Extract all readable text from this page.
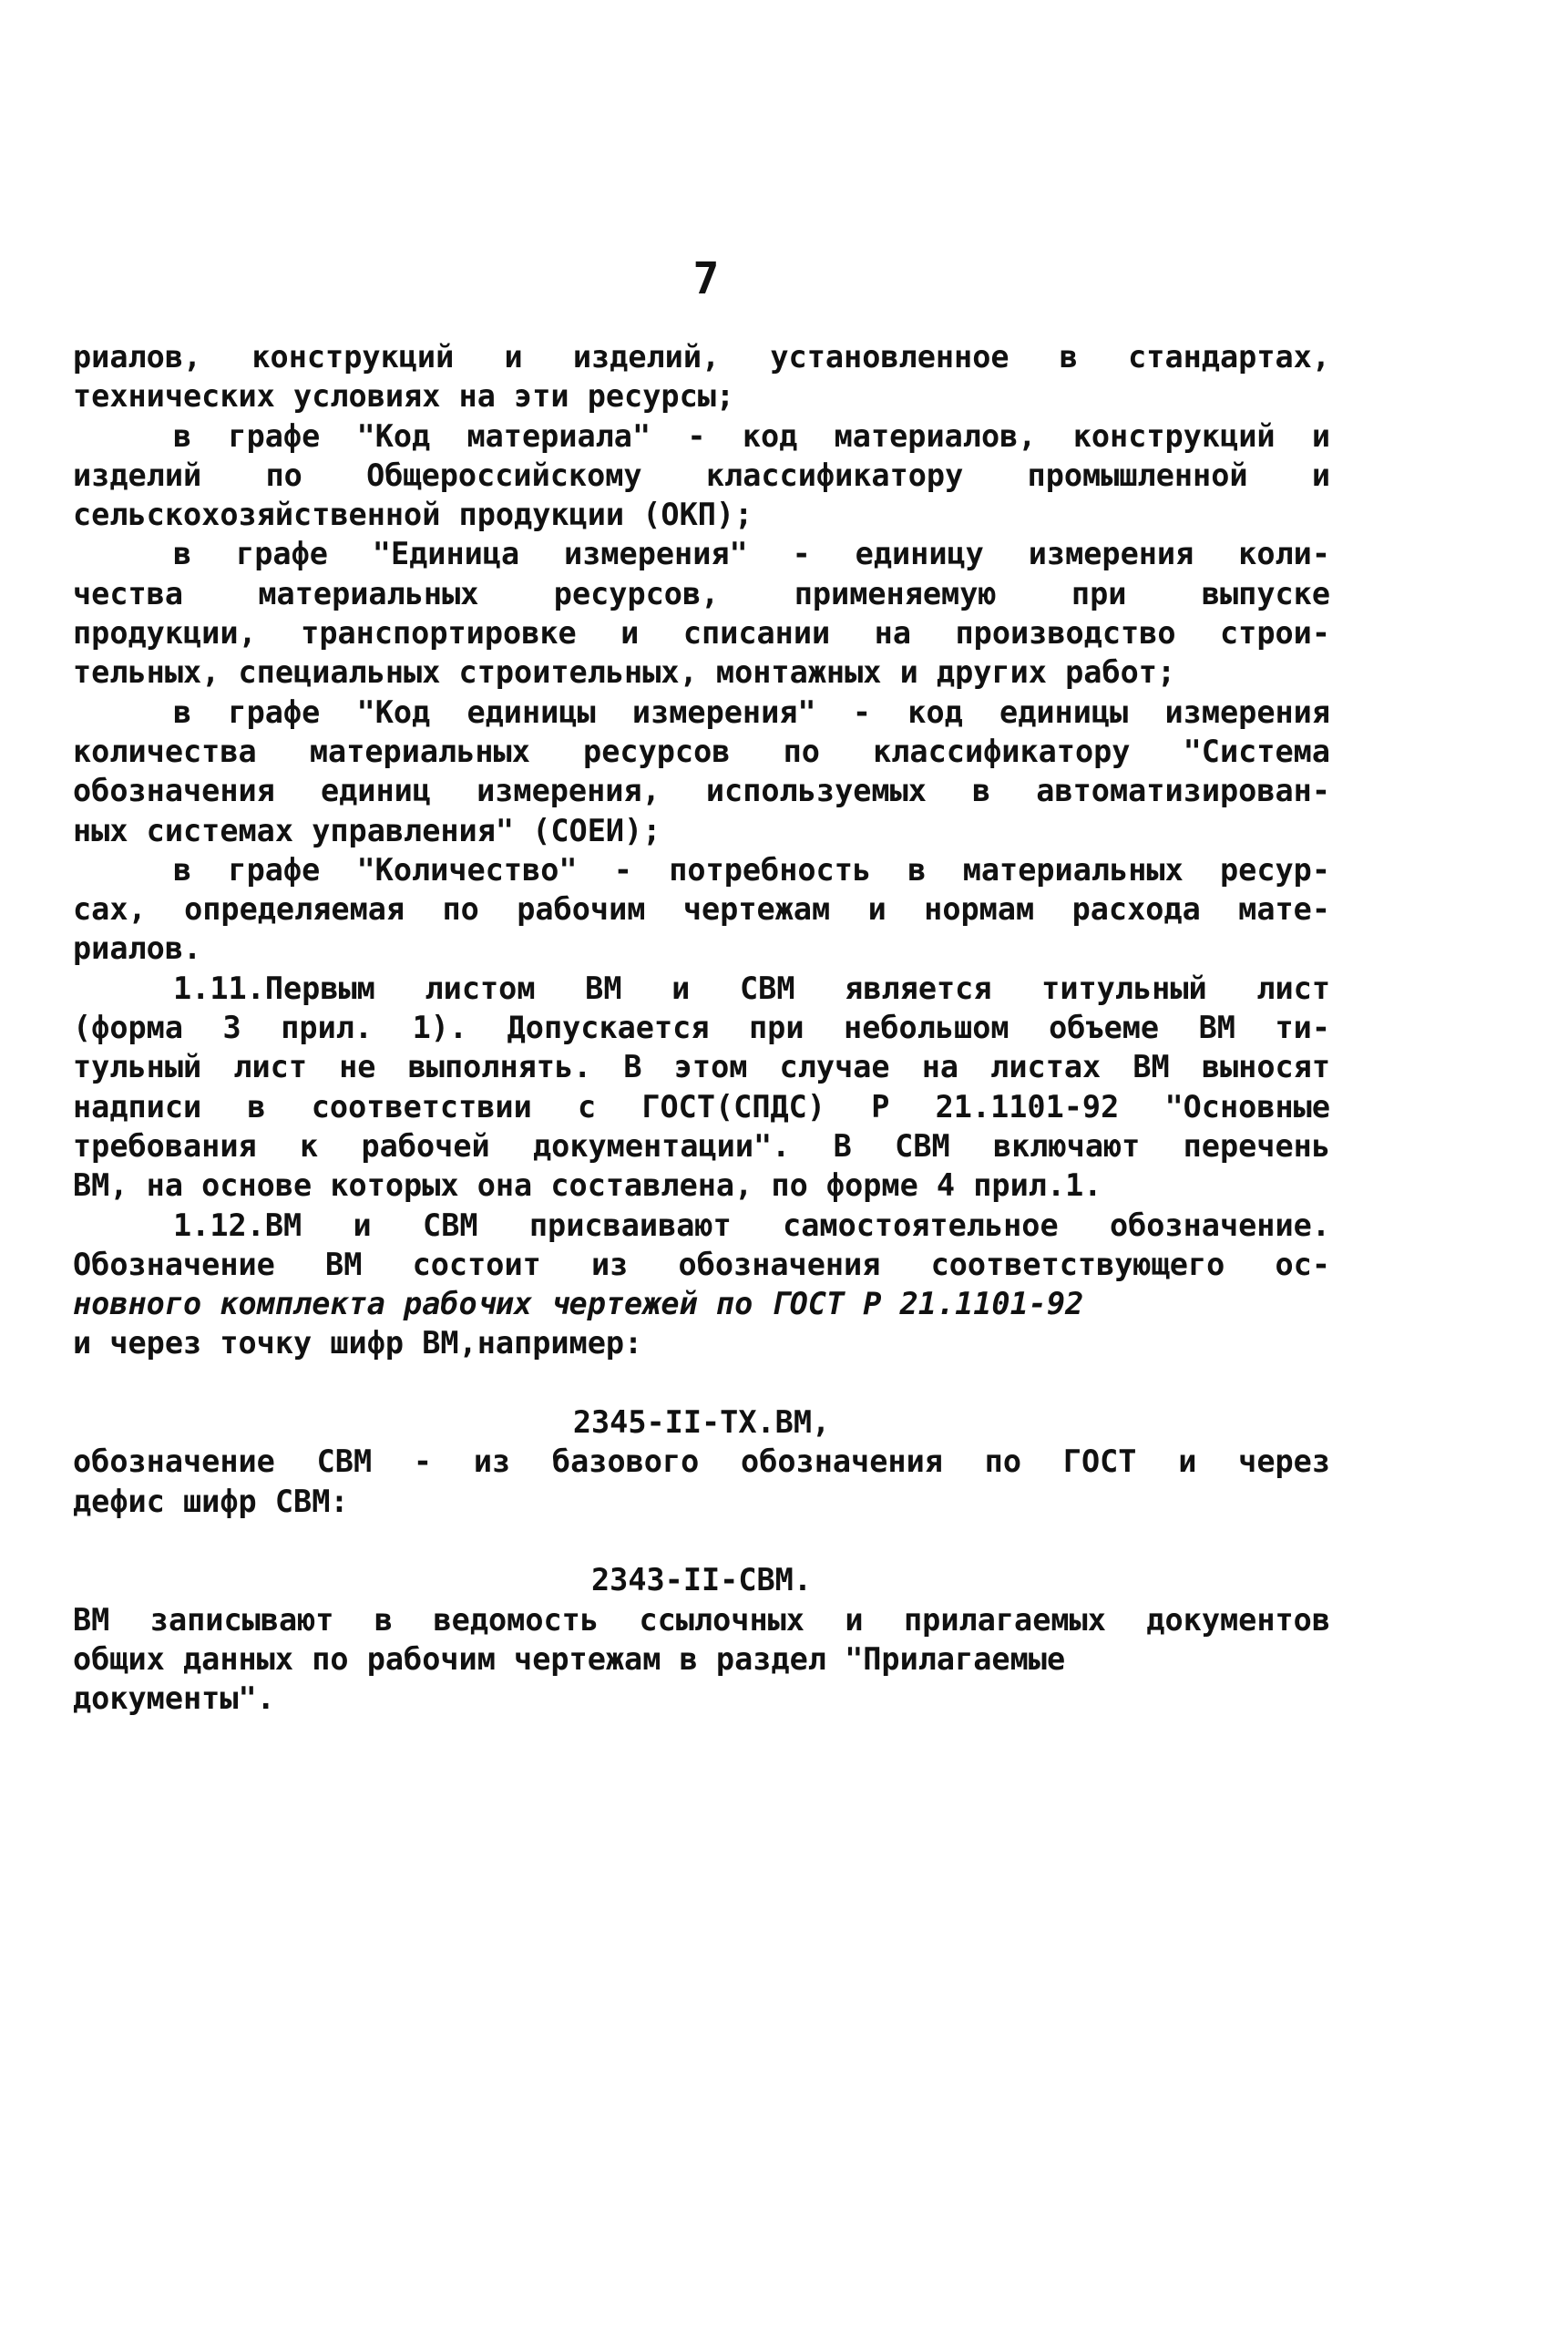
7
риалов, конструкций и изделий, установленное в стандартах,
технических условиях на эти ресурсы;
в графе "Код материала" - код материалов, конструкций и
изделий по Общероссийскому классификатору промышленной и
сельскохозяйственной продукции (ОКП);
в графе "Единица измерения" - единицу измерения коли-
чества материальных ресурсов, применяемую при выпуске
продукции, транспортировке и списании на производство строи-
тельных, специальных строительных, монтажных и других работ;
в графе "Код единицы измерения" - код единицы измерения
количества материальных ресурсов по классификатору "Система
обозначения единиц измерения, используемых в автоматизирован-
ных системах управления" (СОЕИ);
в графе "Количество" - потребность в материальных ресур-
сах, определяемая по рабочим чертежам и нормам расхода мате-
риалов.
1.11.Первым листом ВМ и СВМ является титульный лист
(форма 3 прил. 1). Допускается при небольшом объеме ВМ ти-
тульный лист не выполнять. В этом случае на листах ВМ выносят
надписи в соответствии с ГОСТ(СПДС) Р 21.1101-92 "Основные
требования к рабочей документации". В СВМ включают перечень
ВМ, на основе которых она составлена, по форме 4 прил.1.
1.12.ВМ и СВМ присваивают самостоятельное обозначение.
Обозначение ВМ состоит из обозначения соответствующего ос-
новного комплекта рабочих чертежей по ГОСТ Р 21.1101-92
и через точку шифр ВМ,например:
2345-II-ТХ.ВМ,
обозначение СВМ - из базового обозначения по ГОСТ и через
дефис шифр СВМ:
2343-II-СВМ.
ВМ записывают в ведомость ссылочных и прилагаемых документов
общих данных по рабочим чертежам в раздел "Прилагаемые
документы".
